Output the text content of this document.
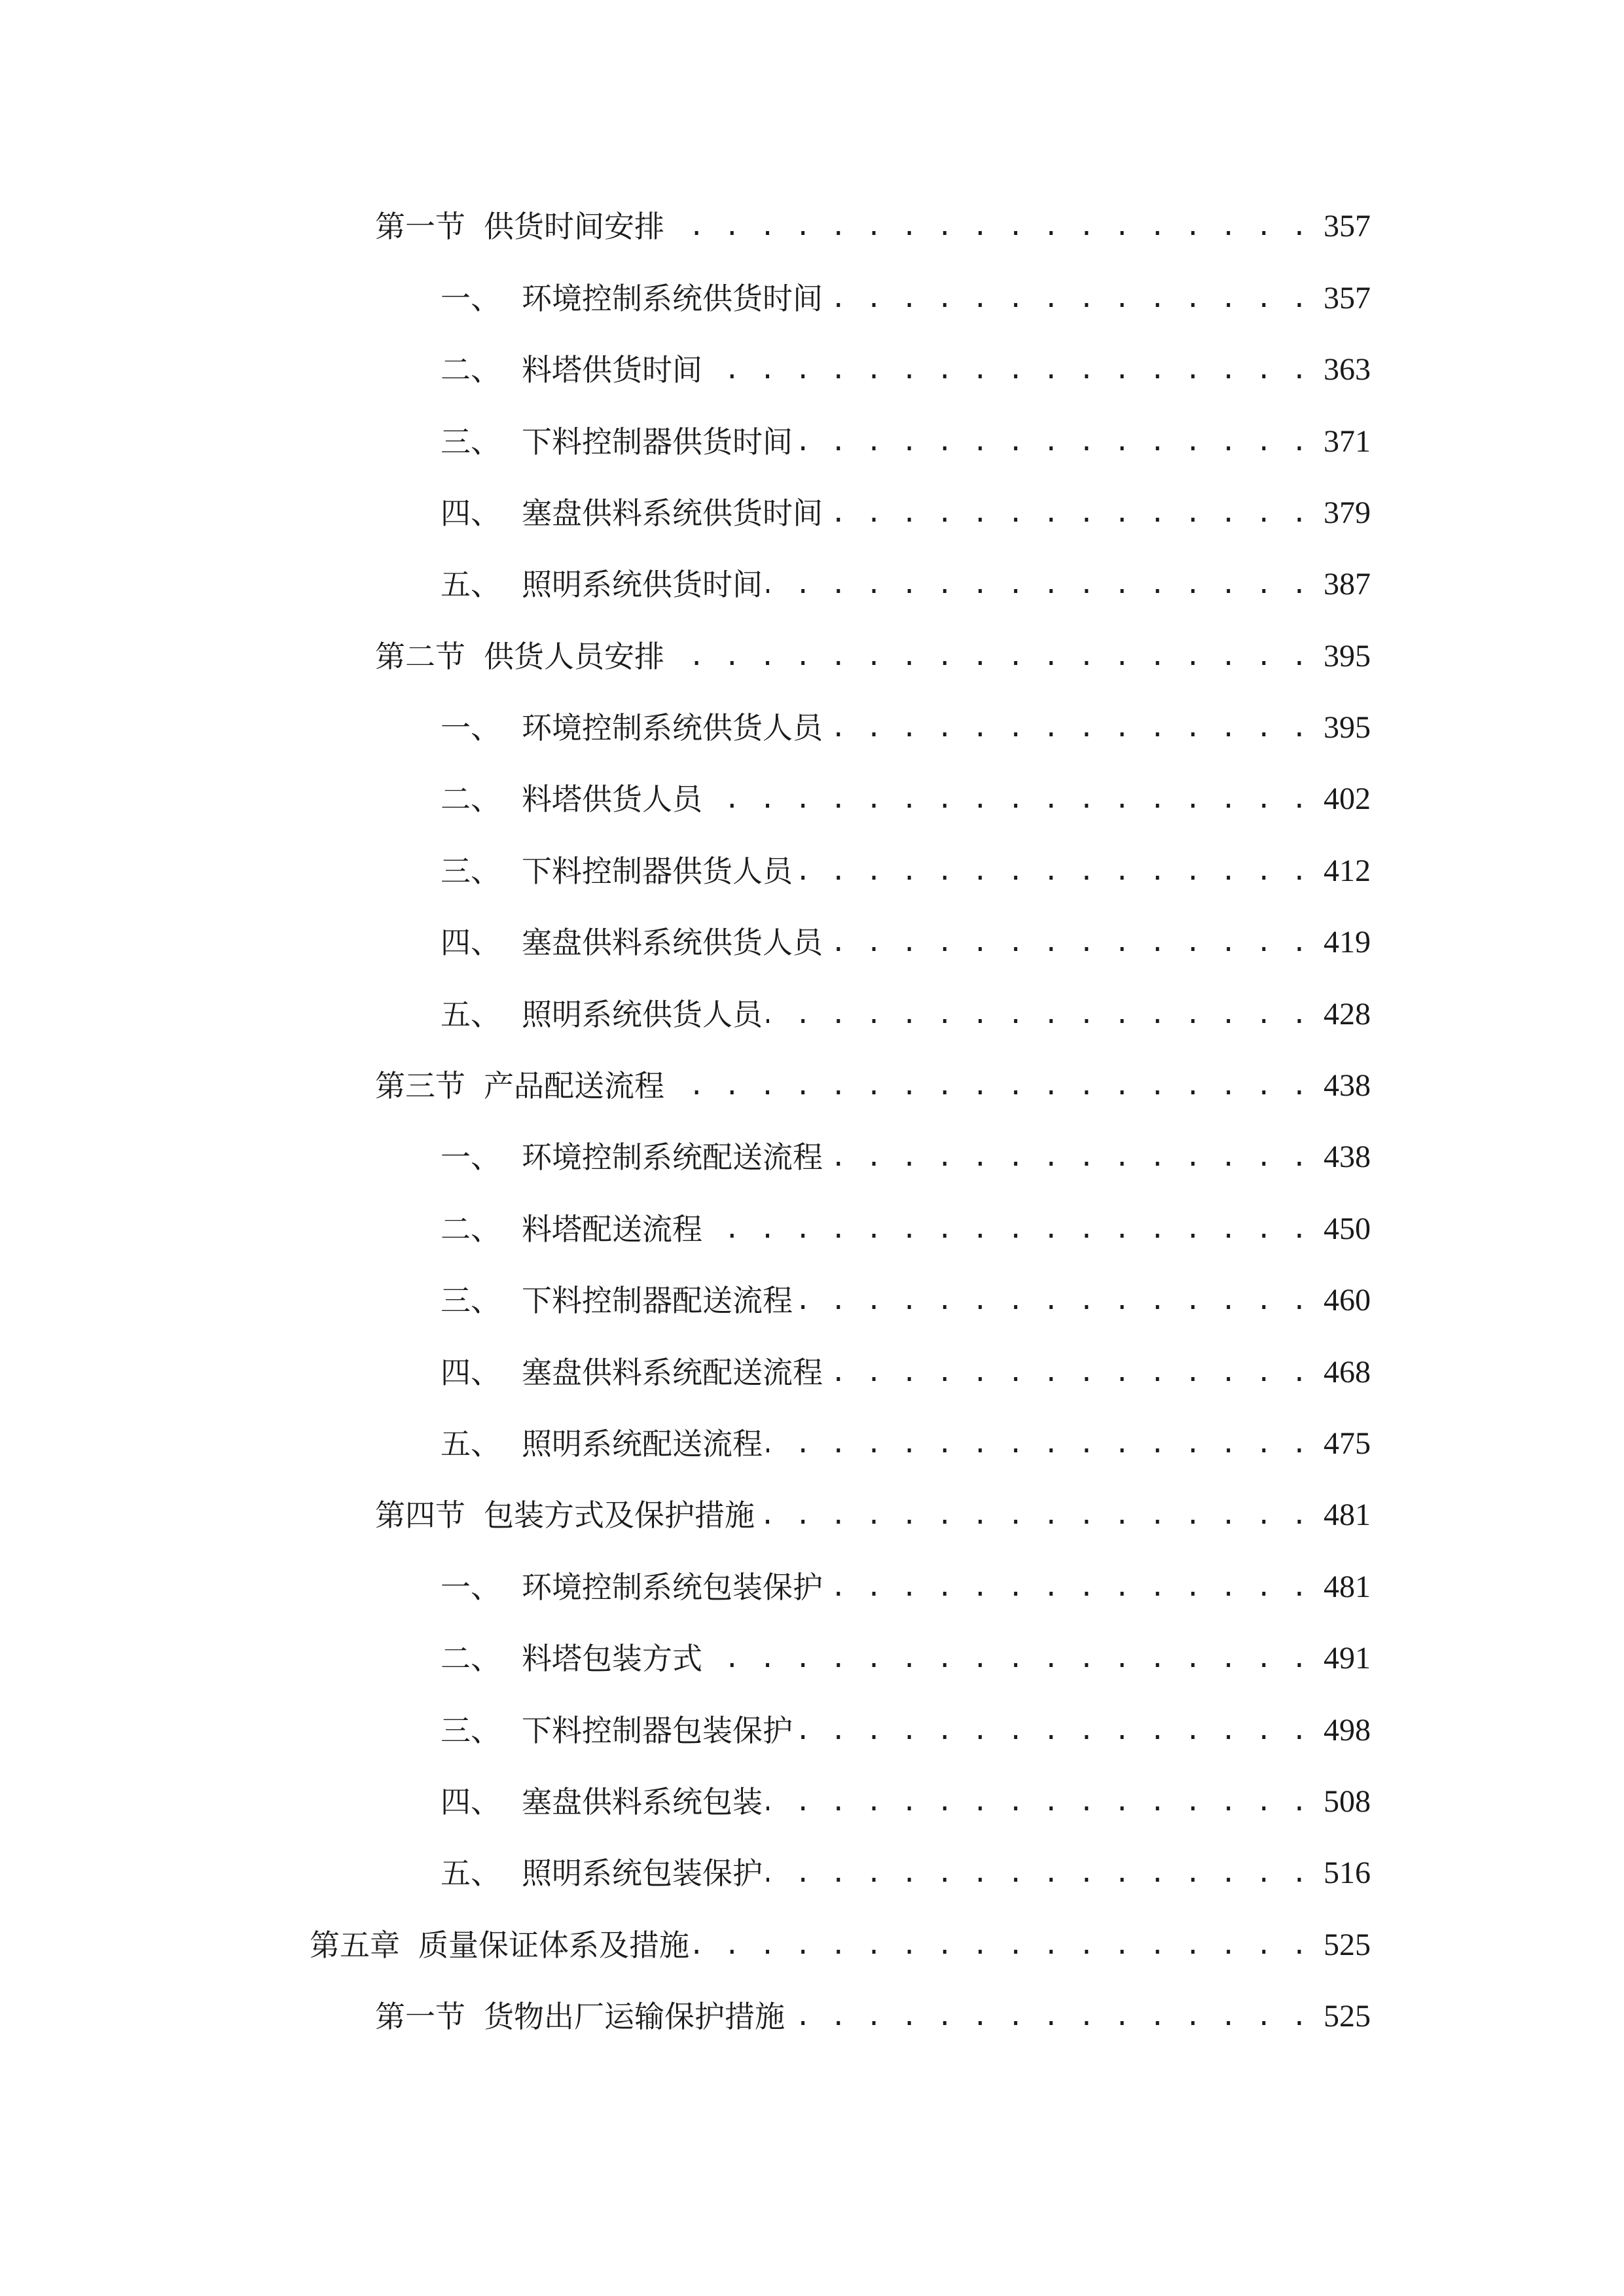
第一节 供货时间安排 . . .	357
一、 环境控制系统供货时间 . . .	357
二、 料塔供货时间 . . .	363
三、 下料控制器供货时间 . . .	371
四、 塞盘供料系统供货时间 . . .	379
五、 照明系统供货时间 . . .	387
第二节 供货人员安排 . . .	395
一、 环境控制系统供货人员 . . .	395
二、 料塔供货人员 . . .	402
三、 下料控制器供货人员 . . .	412
四、 塞盘供料系统供货人员 . . .	419
五、 照明系统供货人员 . . .	428
第三节 产品配送流程 . . .	438
一、 环境控制系统配送流程 . . .	438
二、 料塔配送流程 . . .	450
三、 下料控制器配送流程 . . .	460
四、 塞盘供料系统配送流程 . . .	468
五、 照明系统配送流程 . . .	475
第四节 包装方式及保护措施 . . .	481
一、 环境控制系统包装保护 . . .	481
二、 料塔包装方式 . . .	491
三、 下料控制器包装保护 . . .	498
四、 塞盘供料系统包装 . . .	508
五、 照明系统包装保护 . . .	516
第五章 质量保证体系及措施 . . .	525
第一节 货物出厂运输保护措施 . . .	525
